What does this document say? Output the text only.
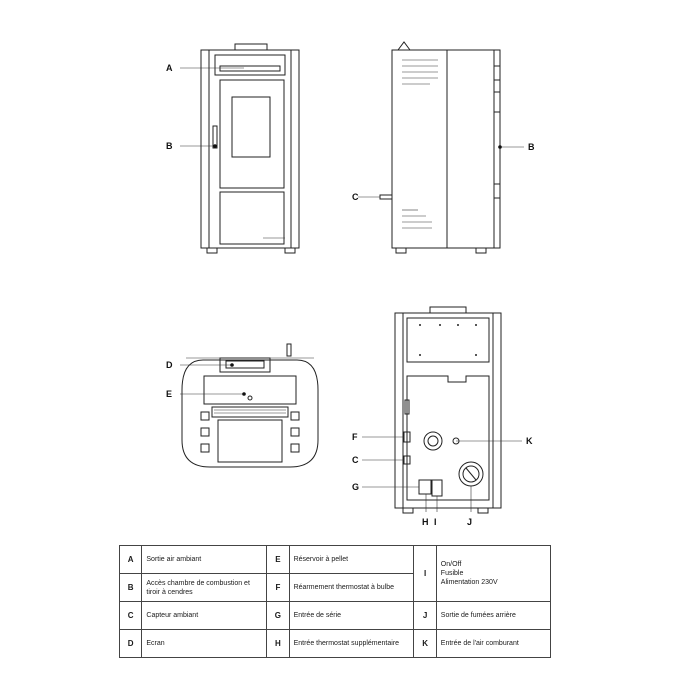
A
B	B
C
D
E
F
C
G
H I	J
K
A	Sortie air ambiant	E	Réservoir à pellet	I	On/Off
Fusible
Alimentation 230V

B	Accès chambre de combustion et tiroir à cendres	F	Réarmement thermostat à bulbe		
C	Capteur ambiant	G	Entrée de série	J	Sortie de fumées arrière
D	Ecran	H	Entrée thermostat supplémentaire	K	Entrée de l'air comburant
